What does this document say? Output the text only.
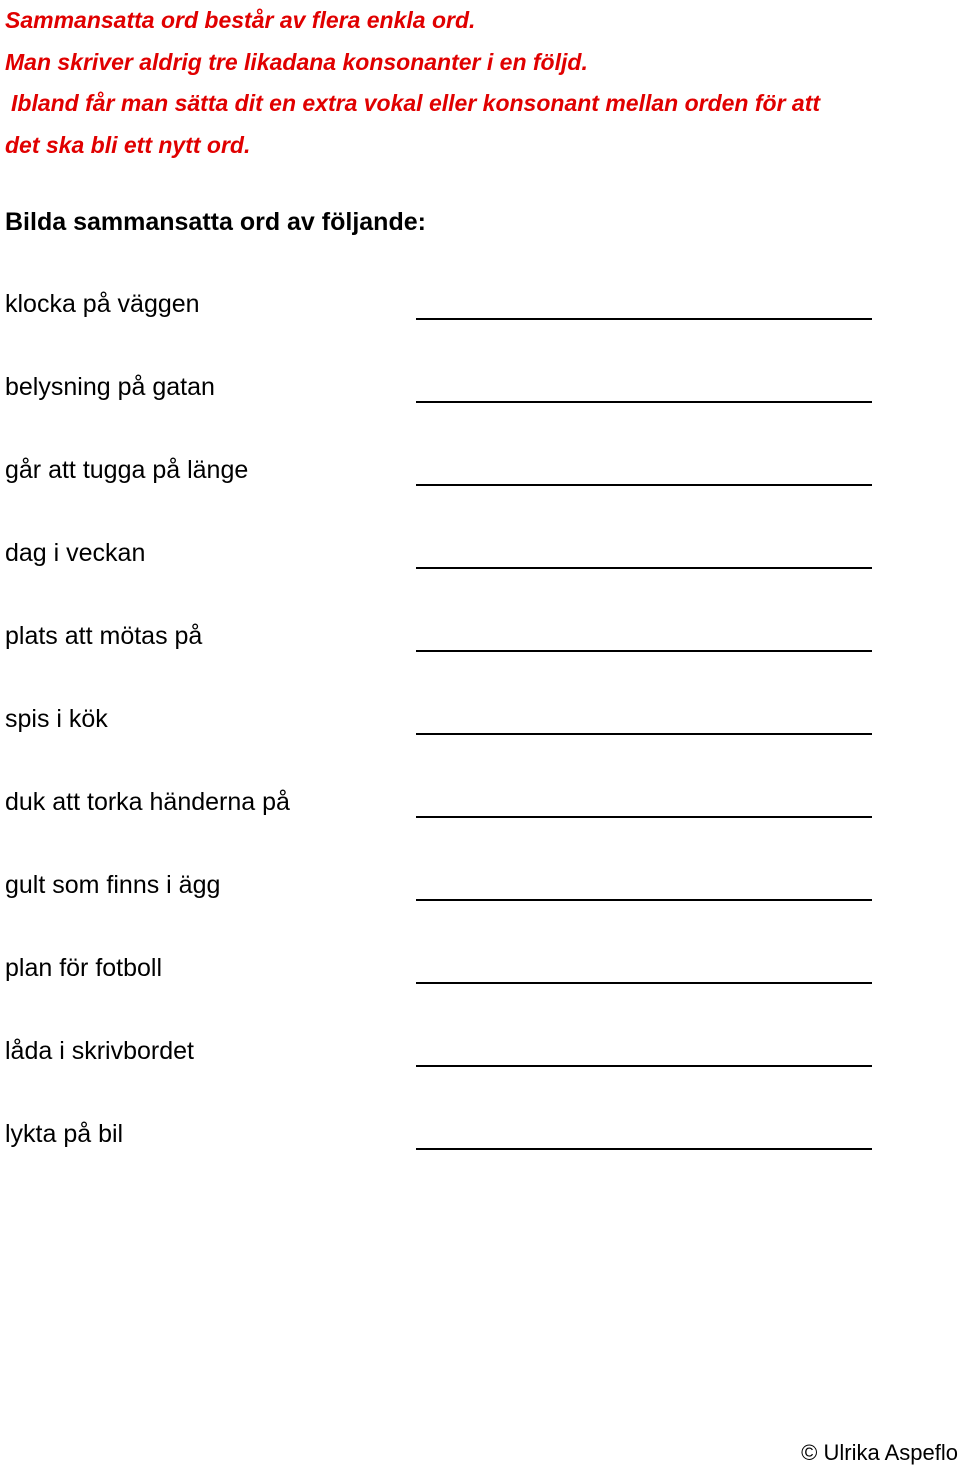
Sammansatta ord består av flera enkla ord.
Man skriver aldrig tre likadana konsonanter i en följd.
Ibland får man sätta dit en extra vokal eller konsonant mellan orden för att
det ska bli ett nytt ord.
Bilda sammansatta ord av följande:
klocka på väggen
belysning på gatan
går att tugga på länge
dag i veckan
plats att mötas på
spis i kök
duk att torka händerna på
gult som finns i ägg
plan för fotboll
låda i skrivbordet
lykta på bil
© Ulrika Aspeflo
